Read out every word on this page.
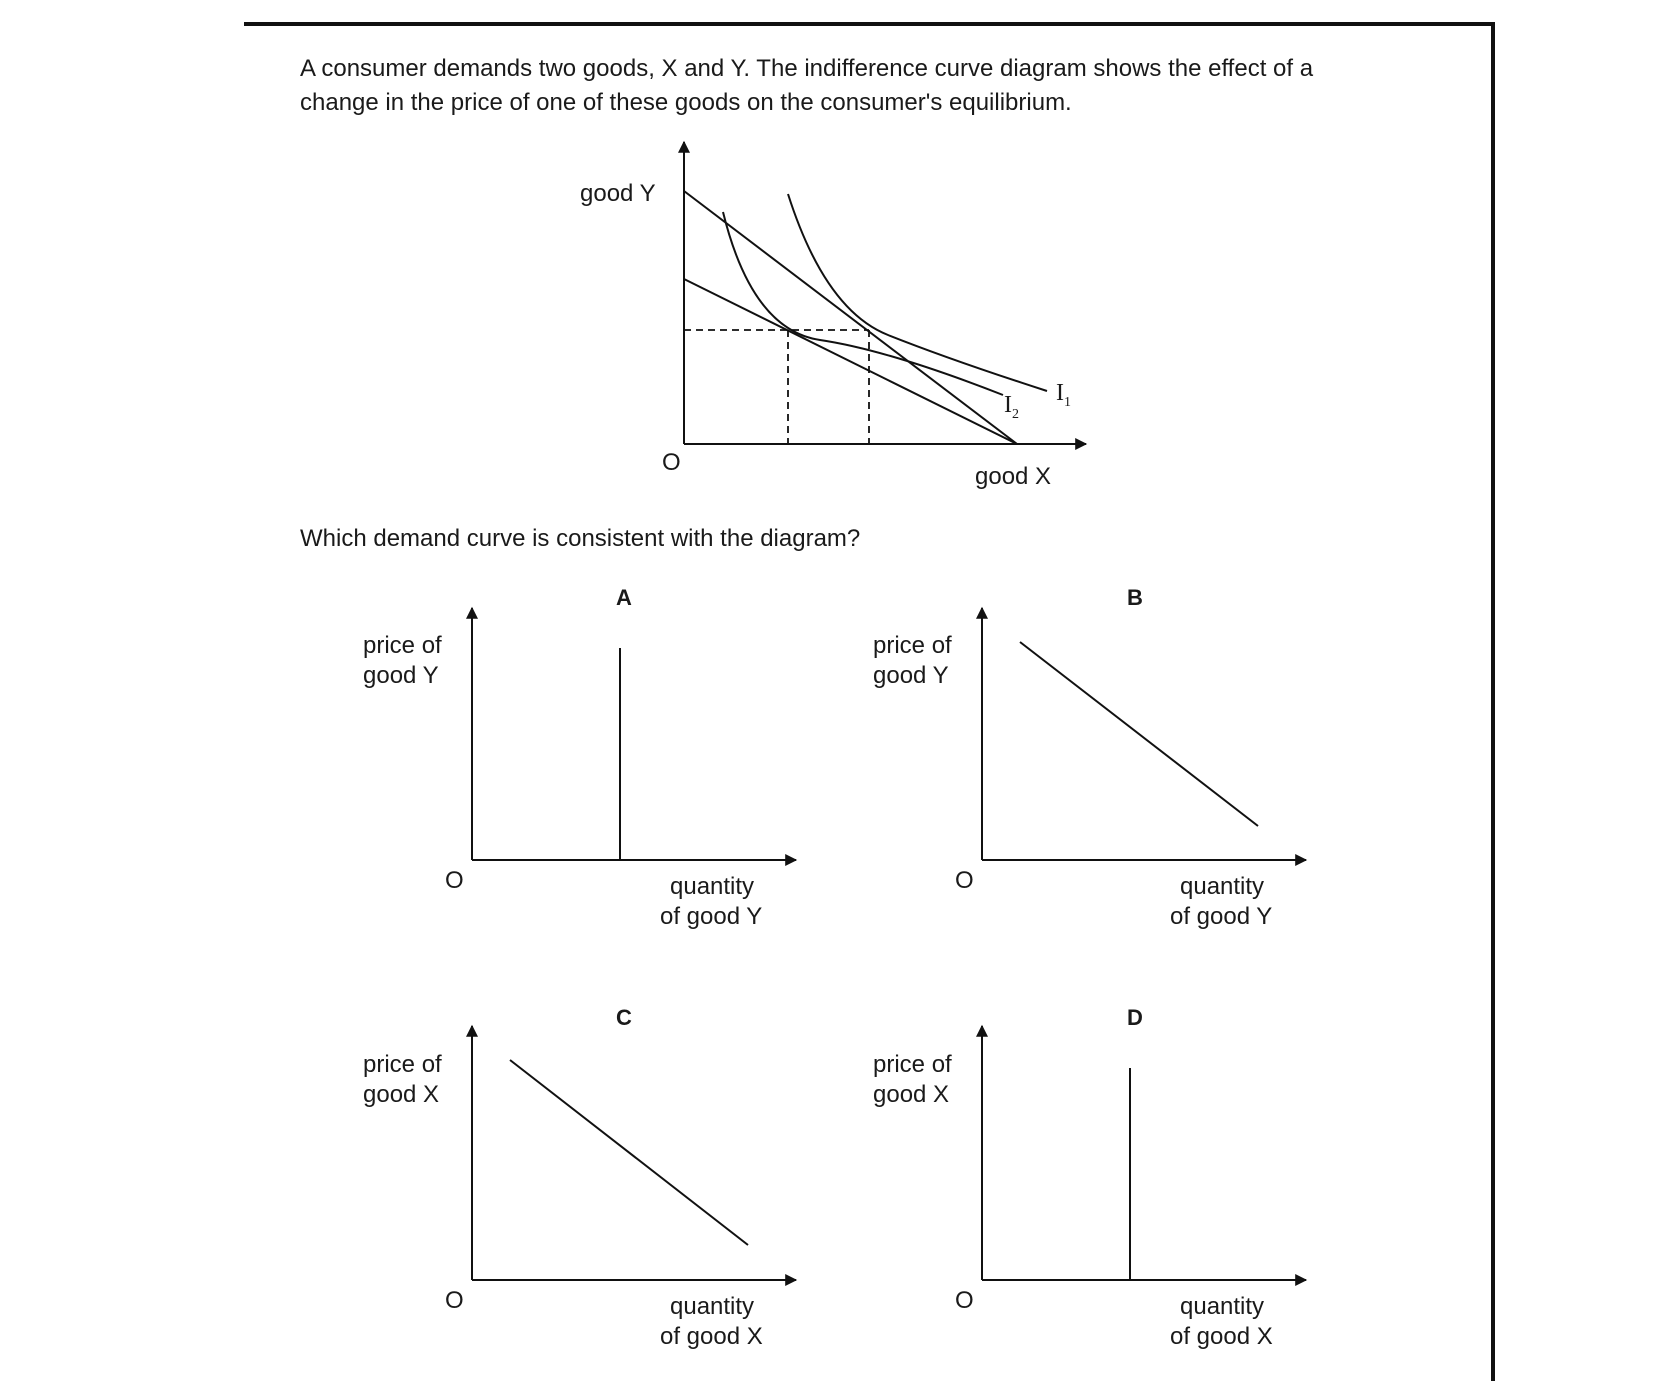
A consumer demands two goods, X and Y. The indifference curve diagram shows the effect of a
change in the price of one of these goods on the consumer's equilibrium.
Which demand curve is consistent with the diagram?
good Y
good X
O
$I_1$
$I_2$
A
price of
good Y
O	quantity
of good Y
B
price of
good Y
O	quantity
of good Y
C
price of
good X
O	quantity
of good X
D
price of
good X
O	quantity
of good X
